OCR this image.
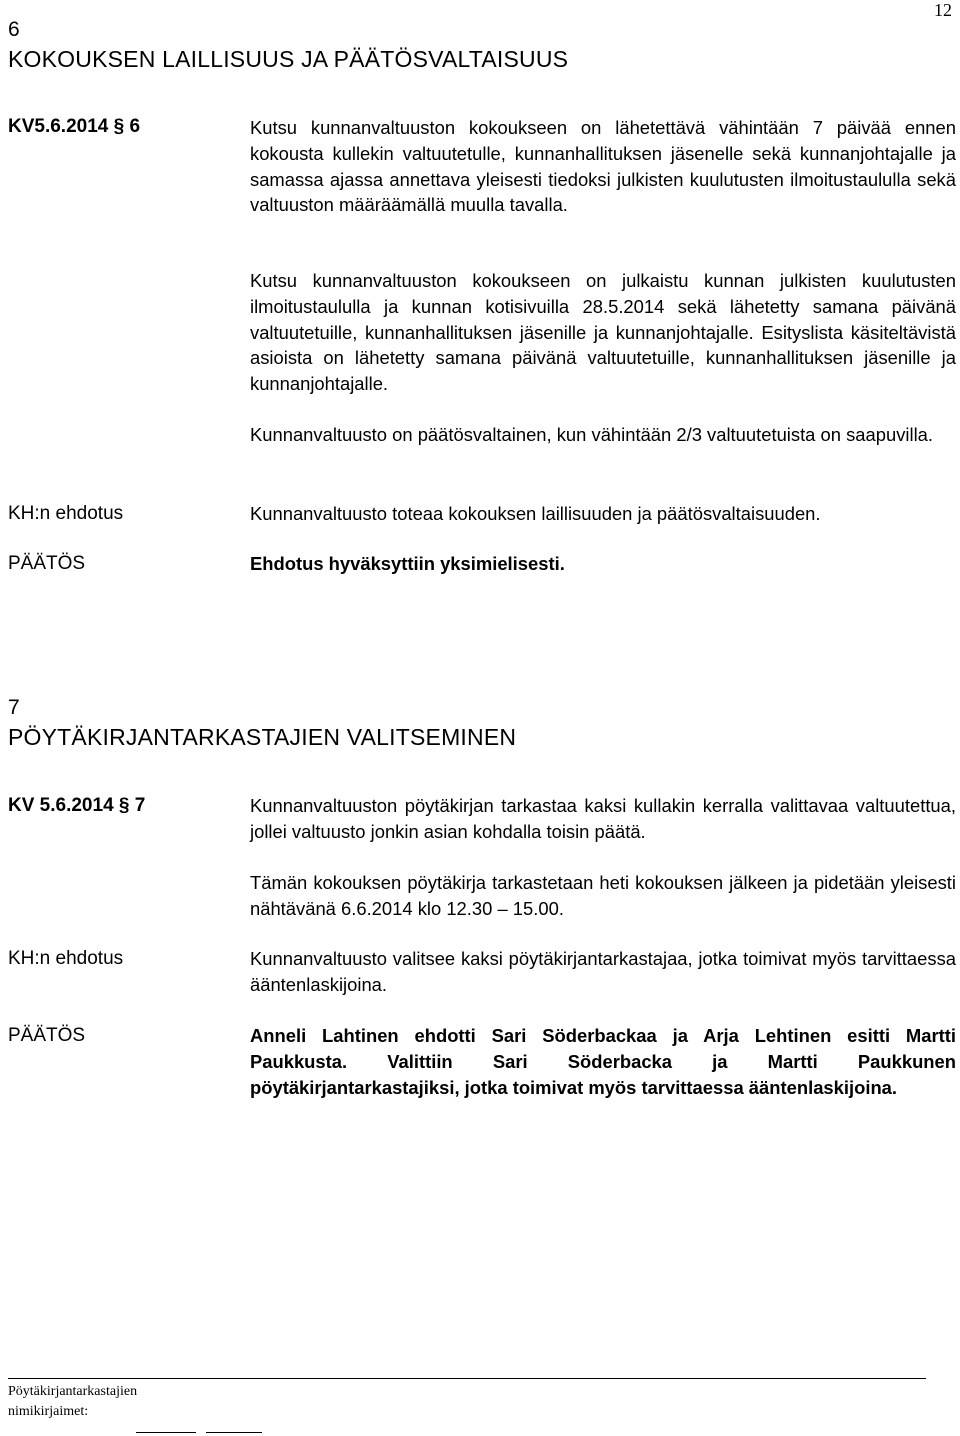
12
6
KOKOUKSEN LAILLISUUS JA PÄÄTÖSVALTAISUUS
KV5.6.2014 § 6	Kutsu kunnanvaltuuston kokoukseen on lähetettävä vähintään 7 päivää ennen kokousta kullekin valtuutetulle, kunnanhallituksen jäsenelle sekä kunnanjohtajalle ja samassa ajassa annettava yleisesti tiedoksi julkisten kuulutusten ilmoitustaululla sekä valtuuston määräämällä muulla tavalla.

Kutsu kunnanvaltuuston kokoukseen on julkaistu kunnan julkisten kuulutusten ilmoitustaululla ja kunnan kotisivuilla 28.5.2014 sekä lähetetty samana päivänä valtuutetuille, kunnanhallituksen jäsenille ja kunnanjohtajalle. Esityslista käsiteltävistä asioista on lähetetty samana päivänä valtuutetuille, kunnanhallituksen jäsenille ja kunnanjohtajalle.

Kunnanvaltuusto on päätösvaltainen, kun vähintään 2/3 valtuutetuista on saapuvilla.

KH:n ehdotus	Kunnanvaltuusto toteaa kokouksen laillisuuden ja päätösvaltaisuuden.

PÄÄTÖS	Ehdotus hyväksyttiin yksimielisesti.

7
PÖYTÄKIRJANTARKASTAJIEN VALITSEMINEN
KV 5.6.2014 § 7	Kunnanvaltuuston pöytäkirjan tarkastaa kaksi kullakin kerralla valittavaa valtuutettua, jollei valtuusto jonkin asian kohdalla toisin päätä.

Tämän kokouksen pöytäkirja tarkastetaan heti kokouksen jälkeen ja pidetään yleisesti nähtävänä 6.6.2014 klo 12.30 – 15.00.

KH:n ehdotus	Kunnanvaltuusto valitsee kaksi pöytäkirjantarkastajaa, jotka toimivat myös tarvittaessa ääntenlaskijoina.

PÄÄTÖS	Anneli Lahtinen ehdotti Sari Söderbackaa ja Arja Lehtinen esitti Martti Paukkusta. Valittiin Sari Söderbacka ja Martti Paukkunen pöytäkirjantarkastajiksi, jotka toimivat myös tarvittaessa ääntenlaskijoina.

Pöytäkirjantarkastajien
nimikirjaimet:
